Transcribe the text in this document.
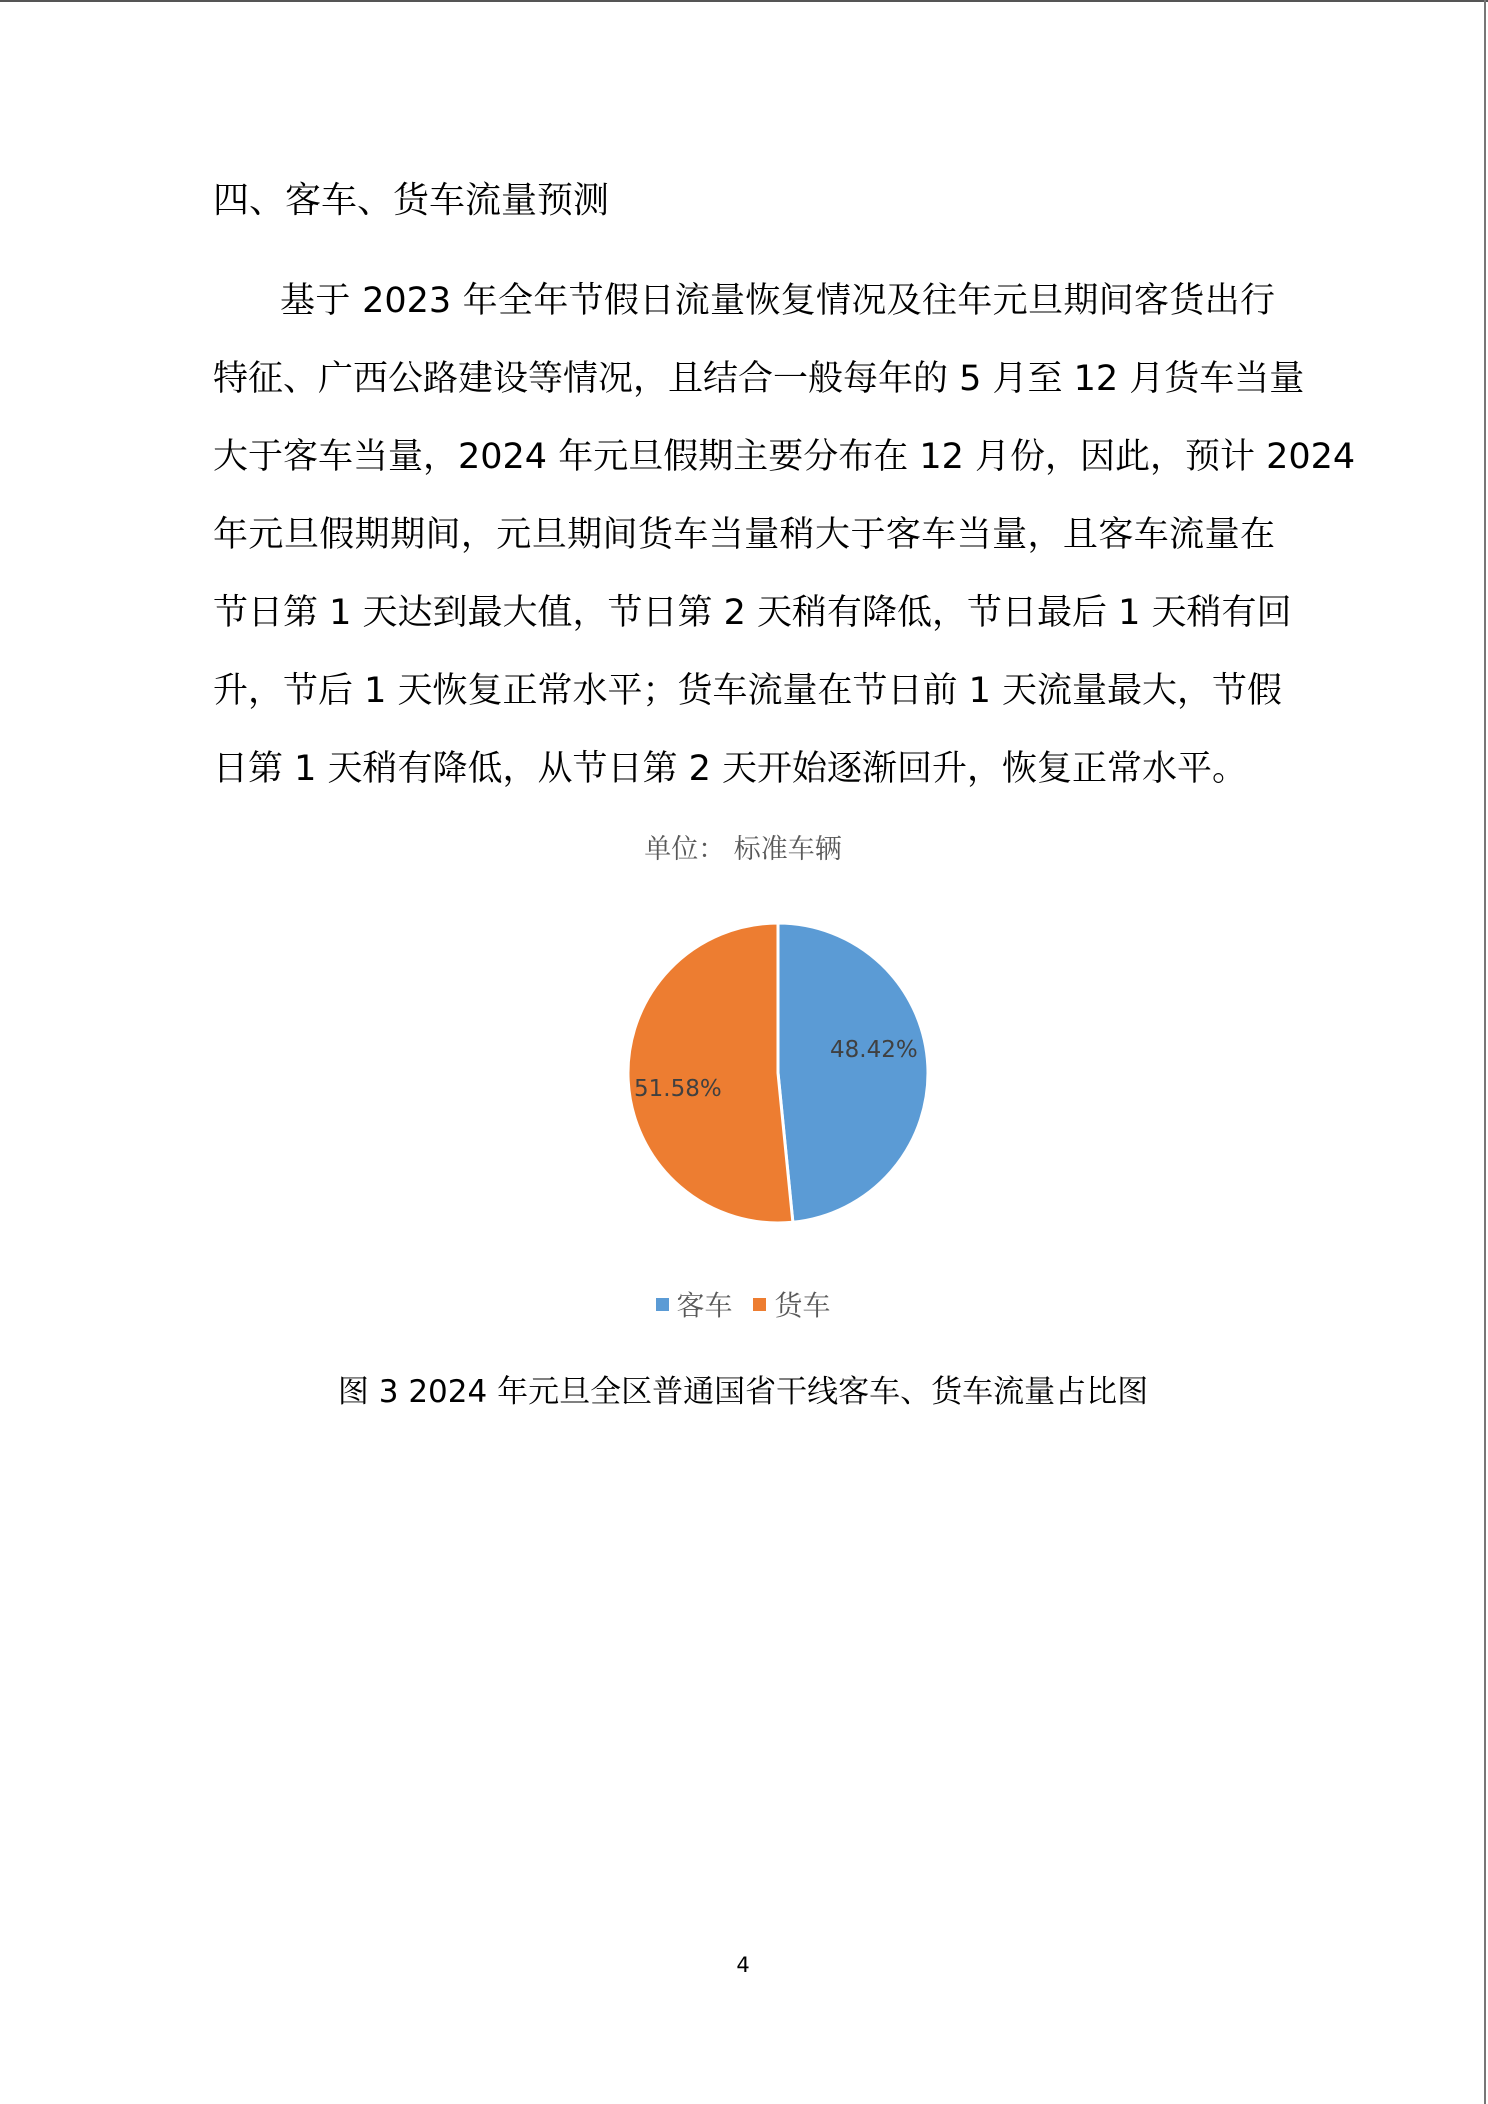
四、客车、货车流量预测
基于 2023 年全年节假日流量恢复情况及往年元旦期间客货出行
特征、广西公路建设等情况，且结合一般每年的 5 月至 12 月货车当量
大于客车当量，2024 年元旦假期主要分布在 12 月份，因此，预计 2024
年元旦假期期间，元旦期间货车当量稍大于客车当量，且客车流量在
节日第 1 天达到最大值，节日第 2 天稍有降低，节日最后 1 天稍有回
升，节后 1 天恢复正常水平；货车流量在节日前 1 天流量最大，节假
日第 1 天稍有降低，从节日第 2 天开始逐渐回升，恢复正常水平。
单位： 标准车辆
48.42%
51.58%
客车
货车
图 3 2024 年元旦全区普通国省干线客车、货车流量占比图
4
